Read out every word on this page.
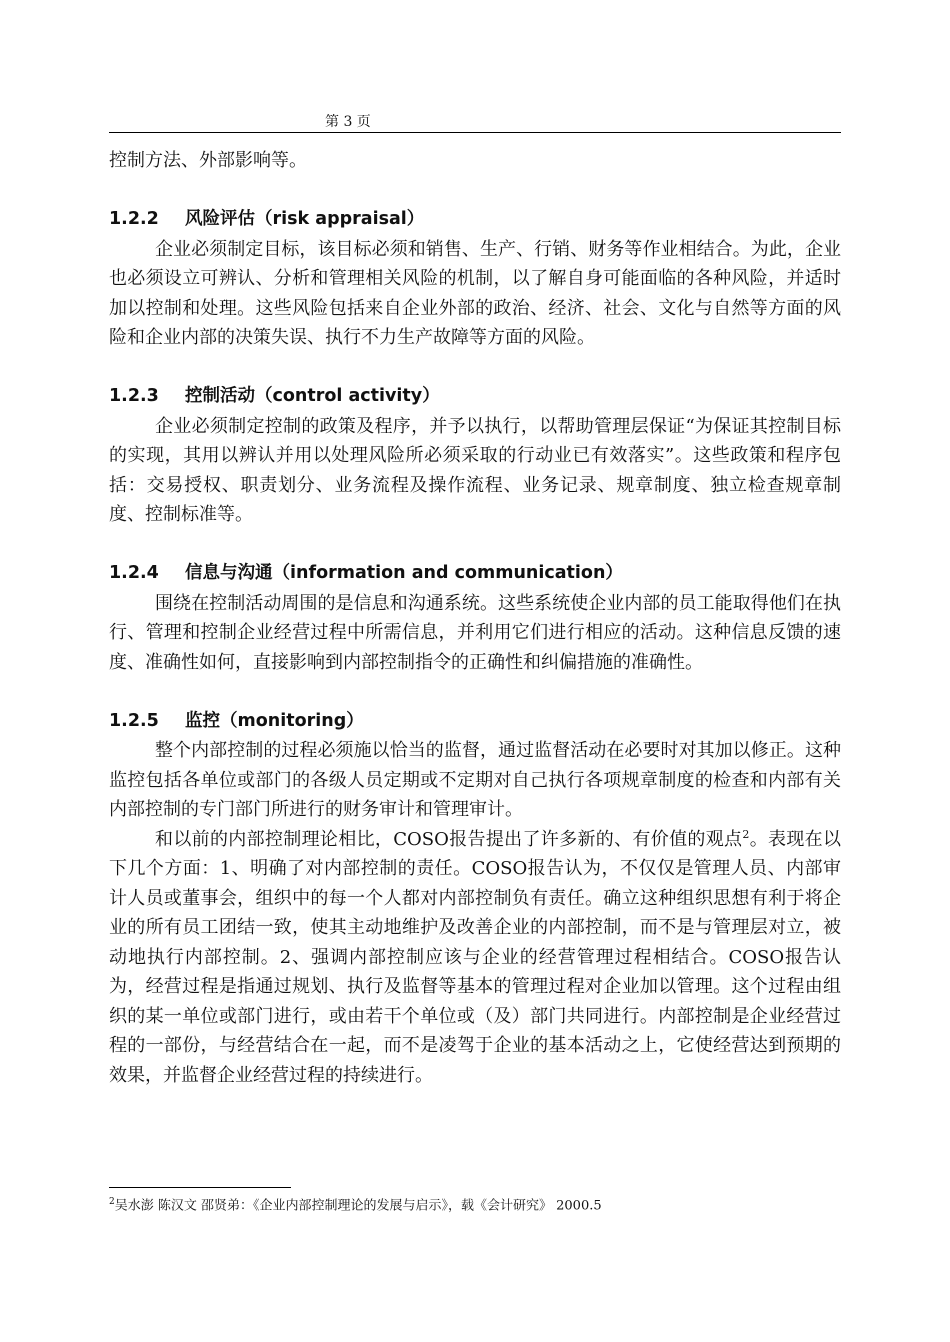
第 3 页

控制方法、外部影响等。

1.2.2 风险评估（risk appraisal）

企业必须制定目标，该目标必须和销售、生产、行销、财务等作业相结合。为此，企业也必须设立可辨认、分析和管理相关风险的机制，以了解自身可能面临的各种风险，并适时加以控制和处理。这些风险包括来自企业外部的政治、经济、社会、文化与自然等方面的风险和企业内部的决策失误、执行不力生产故障等方面的风险。

1.2.3 控制活动（control activity）

企业必须制定控制的政策及程序，并予以执行，以帮助管理层保证“为保证其控制目标的实现，其用以辨认并用以处理风险所必须采取的行动业已有效落实”。这些政策和程序包括：交易授权、职责划分、业务流程及操作流程、业务记录、规章制度、独立检查规章制度、控制标准等。

1.2.4 信息与沟通（information and communication）

围绕在控制活动周围的是信息和沟通系统。这些系统使企业内部的员工能取得他们在执行、管理和控制企业经营过程中所需信息，并利用它们进行相应的活动。这种信息反馈的速度、准确性如何，直接影响到内部控制指令的正确性和纠偏措施的准确性。

1.2.5 监控（monitoring）

整个内部控制的过程必须施以恰当的监督，通过监督活动在必要时对其加以修正。这种监控包括各单位或部门的各级人员定期或不定期对自己执行各项规章制度的检查和内部有关内部控制的专门部门所进行的财务审计和管理审计。

和以前的内部控制理论相比，COSO报告提出了许多新的、有价值的观点$^2$。表现在以下几个方面：1、明确了对内部控制的责任。COSO报告认为，不仅仅是管理人员、内部审计人员或董事会，组织中的每一个人都对内部控制负有责任。确立这种组织思想有利于将企业的所有员工团结一致，使其主动地维护及改善企业的内部控制，而不是与管理层对立，被动地执行内部控制。2、强调内部控制应该与企业的经营管理过程相结合。COSO报告认为，经营过程是指通过规划、执行及监督等基本的管理过程对企业加以管理。这个过程由组织的某一单位或部门进行，或由若干个单位或（及）部门共同进行。内部控制是企业经营过程的一部份，与经营结合在一起，而不是凌驾于企业的基本活动之上，它使经营达到预期的效果，并监督企业经营过程的持续进行。

$^2$吴水澎 陈汉文 邵贤弟：《企业内部控制理论的发展与启示》，载《会计研究》 2000.5
